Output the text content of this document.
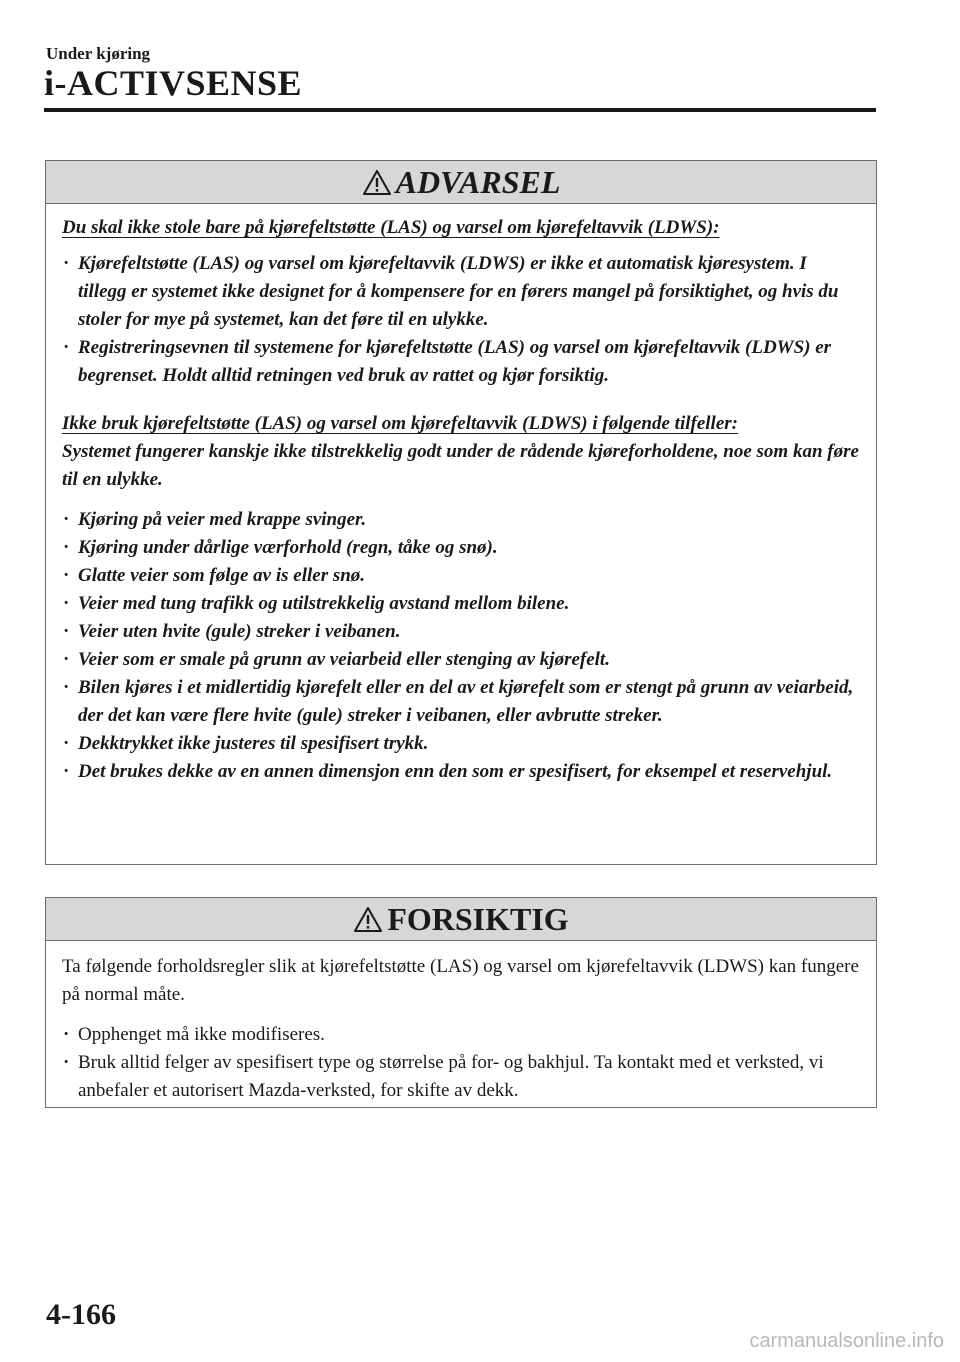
Under kjøring
i-ACTIVSENSE
ADVARSEL

Du skal ikke stole bare på kjørefeltstøtte (LAS) og varsel om kjørefeltavvik (LDWS):

· Kjørefeltstøtte (LAS) og varsel om kjørefeltavvik (LDWS) er ikke et automatisk kjøresystem. I tillegg er systemet ikke designet for å kompensere for en førers mangel på forsiktighet, og hvis du stoler for mye på systemet, kan det føre til en ulykke.
· Registreringsevnen til systemene for kjørefeltstøtte (LAS) og varsel om kjørefeltavvik (LDWS) er begrenset. Holdt alltid retningen ved bruk av rattet og kjør forsiktig.

Ikke bruk kjørefeltstøtte (LAS) og varsel om kjørefeltavvik (LDWS) i følgende tilfeller:

Systemet fungerer kanskje ikke tilstrekkelig godt under de rådende kjøreforholdene, noe som kan føre til en ulykke.

· Kjøring på veier med krappe svinger.
· Kjøring under dårlige værforhold (regn, tåke og snø).
· Glatte veier som følge av is eller snø.
· Veier med tung trafikk og utilstrekkelig avstand mellom bilene.
· Veier uten hvite (gule) streker i veibanen.
· Veier som er smale på grunn av veiarbeid eller stenging av kjørefelt.
· Bilen kjøres i et midlertidig kjørefelt eller en del av et kjørefelt som er stengt på grunn av veiarbeid, der det kan være flere hvite (gule) streker i veibanen, eller avbrutte streker.
· Dekktrykket ikke justeres til spesifisert trykk.
· Det brukes dekke av en annen dimensjon enn den som er spesifisert, for eksempel et reservehjul.
FORSIKTIG

Ta følgende forholdsregler slik at kjørefeltstøtte (LAS) og varsel om kjørefeltavvik (LDWS) kan fungere på normal måte.

· Opphenget må ikke modifiseres.
· Bruk alltid felger av spesifisert type og størrelse på for- og bakhjul. Ta kontakt med et verksted, vi anbefaler et autorisert Mazda-verksted, for skifte av dekk.
4-166
carmanualsonline.info
